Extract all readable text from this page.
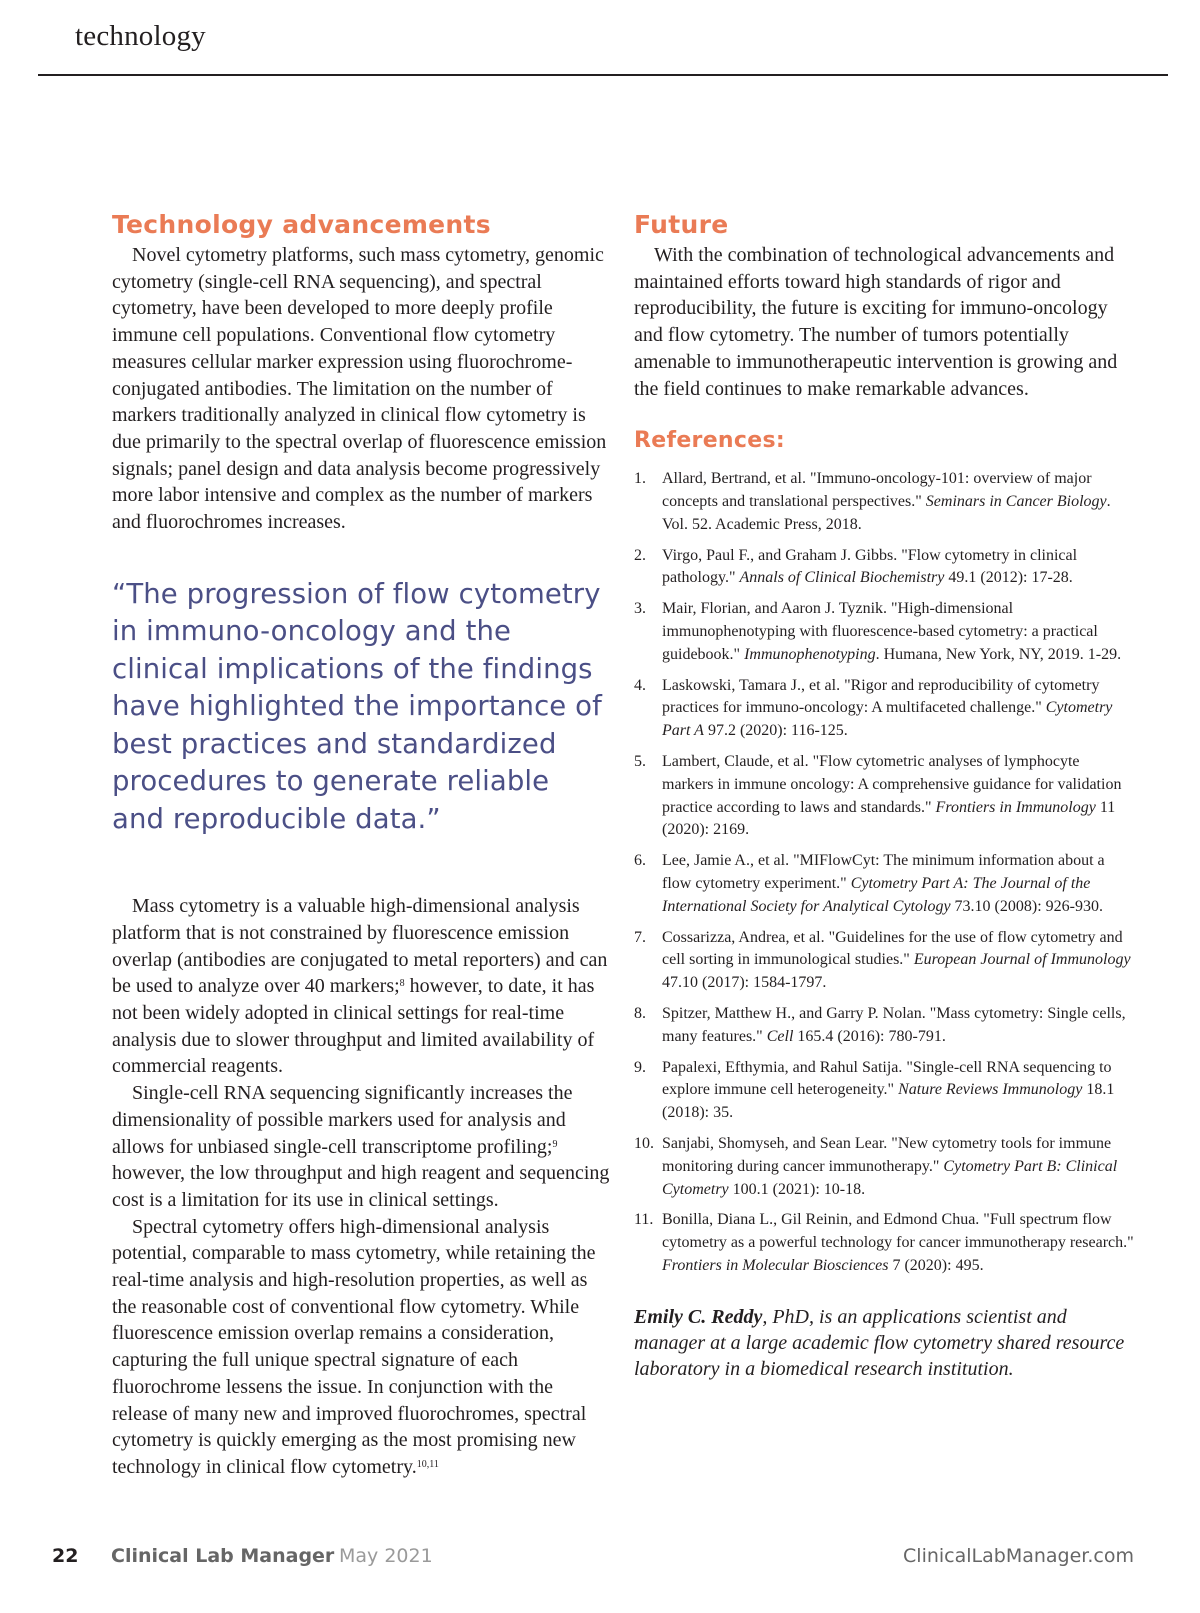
technology
Technology advancements

Novel cytometry platforms, such mass cytometry, genomic cytometry (single-cell RNA sequencing), and spectral cytometry, have been developed to more deeply profile immune cell populations. Conventional flow cytometry measures cellular marker expression using fluorochrome-conjugated antibodies. The limitation on the number of markers traditionally analyzed in clinical flow cytometry is due primarily to the spectral overlap of fluorescence emission signals; panel design and data analysis become progressively more labor intensive and complex as the number of markers and fluorochromes increases.

“The progression of flow cytometry in immuno-oncology and the clinical implications of the findings have highlighted the importance of best practices and standardized procedures to generate reliable and reproducible data.”

Mass cytometry is a valuable high-dimensional analysis platform that is not constrained by fluorescence emission overlap (antibodies are conjugated to metal reporters) and can be used to analyze over 40 markers;$^8$ however, to date, it has not been widely adopted in clinical settings for real-time analysis due to slower throughput and limited availability of commercial reagents.

Single-cell RNA sequencing significantly increases the dimensionality of possible markers used for analysis and allows for unbiased single-cell transcriptome profiling;$^9$ however, the low throughput and high reagent and sequencing cost is a limitation for its use in clinical settings.

Spectral cytometry offers high-dimensional analysis potential, comparable to mass cytometry, while retaining the real-time analysis and high-resolution properties, as well as the reasonable cost of conventional flow cytometry. While fluorescence emission overlap remains a consideration, capturing the full unique spectral signature of each fluorochrome lessens the issue. In conjunction with the release of many new and improved fluorochromes, spectral cytometry is quickly emerging as the most promising new technology in clinical flow cytometry.$^{10,11}$

Future

With the combination of technological advancements and maintained efforts toward high standards of rigor and reproducibility, the future is exciting for immuno-oncology and flow cytometry. The number of tumors potentially amenable to immunotherapeutic intervention is growing and the field continues to make remarkable advances.

References:
1. Allard, Bertrand, et al. "Immuno-oncology-101: overview of major concepts and translational perspectives." Seminars in Cancer Biology. Vol. 52. Academic Press, 2018.
2. Virgo, Paul F., and Graham J. Gibbs. "Flow cytometry in clinical pathology." Annals of Clinical Biochemistry 49.1 (2012): 17-28.
3. Mair, Florian, and Aaron J. Tyznik. "High-dimensional immunophenotyping with fluorescence-based cytometry: a practical guidebook." Immunophenotyping. Humana, New York, NY, 2019. 1-29.
4. Laskowski, Tamara J., et al. "Rigor and reproducibility of cytometry practices for immuno-oncology: A multifaceted challenge." Cytometry Part A 97.2 (2020): 116-125.
5. Lambert, Claude, et al. "Flow cytometric analyses of lymphocyte markers in immune oncology: A comprehensive guidance for validation practice according to laws and standards." Frontiers in Immunology 11 (2020): 2169.
6. Lee, Jamie A., et al. "MIFlowCyt: The minimum information about a flow cytometry experiment." Cytometry Part A: The Journal of the International Society for Analytical Cytology 73.10 (2008): 926-930.
7. Cossarizza, Andrea, et al. "Guidelines for the use of flow cytometry and cell sorting in immunological studies." European Journal of Immunology 47.10 (2017): 1584-1797.
8. Spitzer, Matthew H., and Garry P. Nolan. "Mass cytometry: Single cells, many features." Cell 165.4 (2016): 780-791.
9. Papalexi, Efthymia, and Rahul Satija. "Single-cell RNA sequencing to explore immune cell heterogeneity." Nature Reviews Immunology 18.1 (2018): 35.
10. Sanjabi, Shomyseh, and Sean Lear. "New cytometry tools for immune monitoring during cancer immunotherapy." Cytometry Part B: Clinical Cytometry 100.1 (2021): 10-18.
11. Bonilla, Diana L., Gil Reinin, and Edmond Chua. "Full spectrum flow cytometry as a powerful technology for cancer immunotherapy research." Frontiers in Molecular Biosciences 7 (2020): 495.

Emily C. Reddy, PhD, is an applications scientist and manager at a large academic flow cytometry shared resource laboratory in a biomedical research institution.

22 Clinical Lab Manager May 2021	ClinicalLabManager.com
